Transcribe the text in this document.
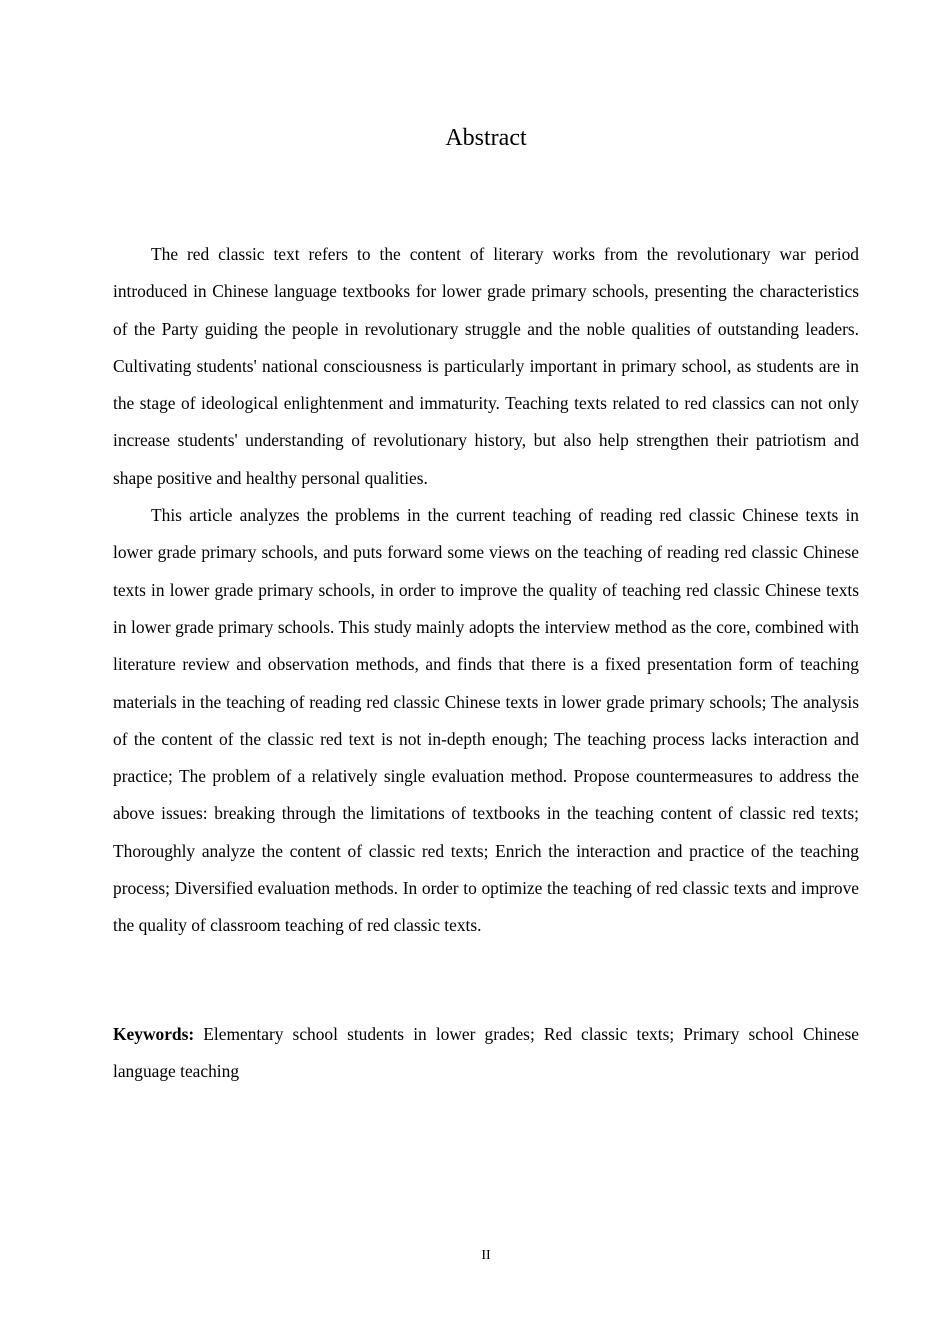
Abstract

The red classic text refers to the content of literary works from the revolutionary war period introduced in Chinese language textbooks for lower grade primary schools, presenting the characteristics of the Party guiding the people in revolutionary struggle and the noble qualities of outstanding leaders. Cultivating students' national consciousness is particularly important in primary school, as students are in the stage of ideological enlightenment and immaturity. Teaching texts related to red classics can not only increase students' understanding of revolutionary history, but also help strengthen their patriotism and shape positive and healthy personal qualities.

This article analyzes the problems in the current teaching of reading red classic Chinese texts in lower grade primary schools, and puts forward some views on the teaching of reading red classic Chinese texts in lower grade primary schools, in order to improve the quality of teaching red classic Chinese texts in lower grade primary schools. This study mainly adopts the interview method as the core, combined with literature review and observation methods, and finds that there is a fixed presentation form of teaching materials in the teaching of reading red classic Chinese texts in lower grade primary schools; The analysis of the content of the classic red text is not in-depth enough; The teaching process lacks interaction and practice; The problem of a relatively single evaluation method. Propose countermeasures to address the above issues: breaking through the limitations of textbooks in the teaching content of classic red texts; Thoroughly analyze the content of classic red texts; Enrich the interaction and practice of the teaching process; Diversified evaluation methods. In order to optimize the teaching of red classic texts and improve the quality of classroom teaching of red classic texts.

Keywords: Elementary school students in lower grades; Red classic texts; Primary school Chinese language teaching

II
